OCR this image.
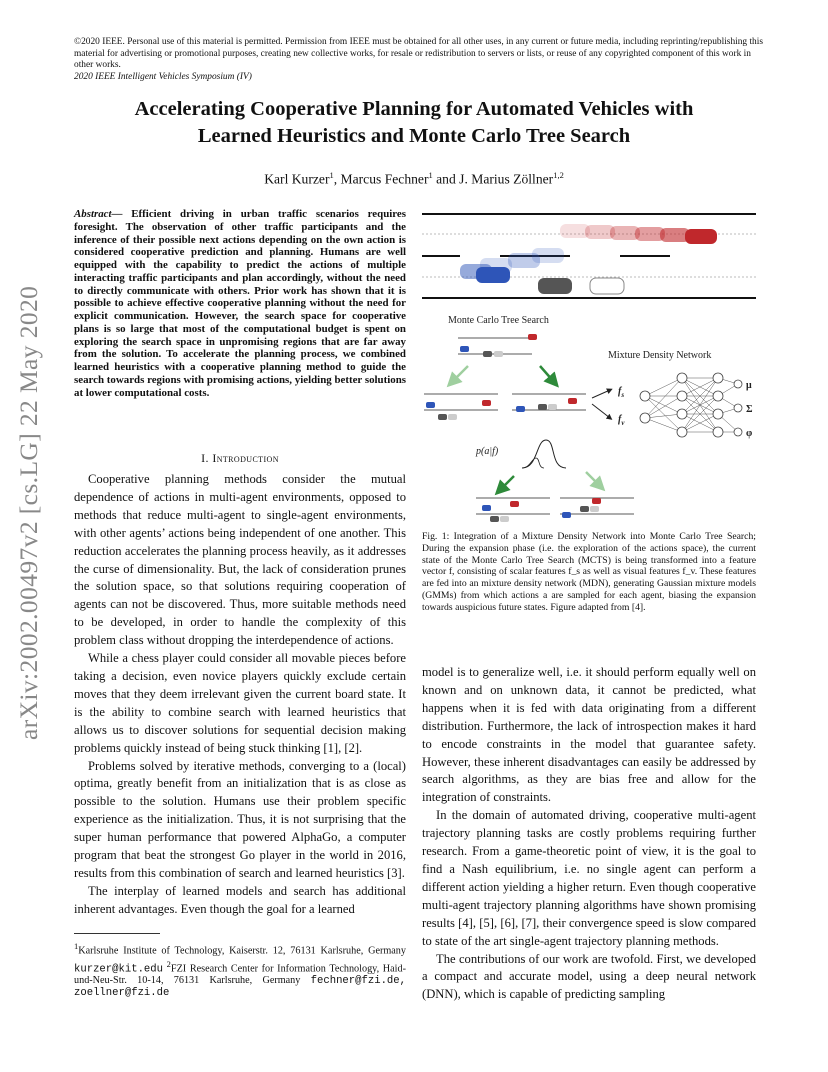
©2020 IEEE. Personal use of this material is permitted. Permission from IEEE must be obtained for all other uses, in any current or future media, including reprinting/republishing this material for advertising or promotional purposes, creating new collective works, for resale or redistribution to servers or lists, or reuse of any copyrighted component of this work in other works.
2020 IEEE Intelligent Vehicles Symposium (IV)
arXiv:2002.00497v2 [cs.LG] 22 May 2020
Accelerating Cooperative Planning for Automated Vehicles with
Learned Heuristics and Monte Carlo Tree Search
Karl Kurzer$^1$, Marcus Fechner$^1$ and J. Marius Zöllner$^{1,2}$
Abstract— Efficient driving in urban traffic scenarios requires foresight. The observation of other traffic participants and the inference of their possible next actions depending on the own action is considered cooperative prediction and planning. Humans are well equipped with the capability to predict the actions of multiple interacting traffic participants and plan accordingly, without the need to directly communicate with others. Prior work has shown that it is possible to achieve effective cooperative planning without the need for explicit communication. However, the search space for cooperative plans is so large that most of the computational budget is spent on exploring the search space in unpromising regions that are far away from the solution. To accelerate the planning process, we combined learned heuristics with a cooperative planning method to guide the search towards regions with promising actions, yielding better solutions at lower computational costs.
I. Introduction

Cooperative planning methods consider the mutual dependence of actions in multi-agent environments, opposed to methods that reduce multi-agent to single-agent environments, with other agents’ actions being independent of one another. This reduction accelerates the planning process heavily, as it addresses the curse of dimensionality. But, the lack of consideration prunes the solution space, so that solutions requiring cooperation of agents can not be discovered. Thus, more suitable methods need to be developed, in order to handle the complexity of this problem class without dropping the interdependence of actions.

While a chess player could consider all movable pieces before taking a decision, even novice players quickly exclude certain moves that they deem irrelevant given the current board state. It is the ability to combine search with learned heuristics that allows us to discover solutions for sequential decision making problems quickly instead of being stuck thinking [1], [2].

Problems solved by iterative methods, converging to a (local) optima, greatly benefit from an initialization that is as close as possible to the solution. Humans use their problem specific experience as the initialization. Thus, it is not surprising that the super human performance that powered AlphaGo, a computer program that beat the strongest Go player in the world in 2016, results from this combination of search and learned heuristics [3].

The interplay of learned models and search has additional inherent advantages. Even though the goal for a learned

$^1$Karlsruhe Institute of Technology, Kaiserstr. 12, 76131 Karlsruhe, Germany kurzer@kit.edu $^2$FZI Research Center for Information Technology, Haid-und-Neu-Str. 10-14, 76131 Karlsruhe, Germany fechner@fzi.de, zoellner@fzi.de
Monte Carlo Tree Search
Mixture Density Network
$f_s$
$f_v$
μ
Σ
φ
p(a|f)
Fig. 1: Integration of a Mixture Density Network into Monte Carlo Tree Search; During the expansion phase (i.e. the exploration of the actions space), the current state of the Monte Carlo Tree Search (MCTS) is being transformed into a feature vector f, consisting of scalar features f_s as well as visual features f_v. These features are fed into an mixture density network (MDN), generating Gaussian mixture models (GMMs) from which actions a are sampled for each agent, biasing the expansion towards auspicious future states. Figure adapted from [4].

model is to generalize well, i.e. it should perform equally well on known and on unknown data, it cannot be predicted, what happens when it is fed with data originating from a different distribution. Furthermore, the lack of introspection makes it hard to encode constraints in the model that guarantee safety. However, these inherent disadvantages can easily be addressed by search algorithms, as they are bias free and allow for the integration of constraints.

In the domain of automated driving, cooperative multi-agent trajectory planning tasks are costly problems requiring further research. From a game-theoretic point of view, it is the goal to find a Nash equilibrium, i.e. no single agent can perform a different action yielding a higher return. Even though cooperative multi-agent trajectory planning algorithms have shown promising results [4], [5], [6], [7], their convergence speed is slow compared to state of the art single-agent trajectory planning methods.

The contributions of our work are twofold. First, we developed a compact and accurate model, using a deep neural network (DNN), which is capable of predicting sampling
